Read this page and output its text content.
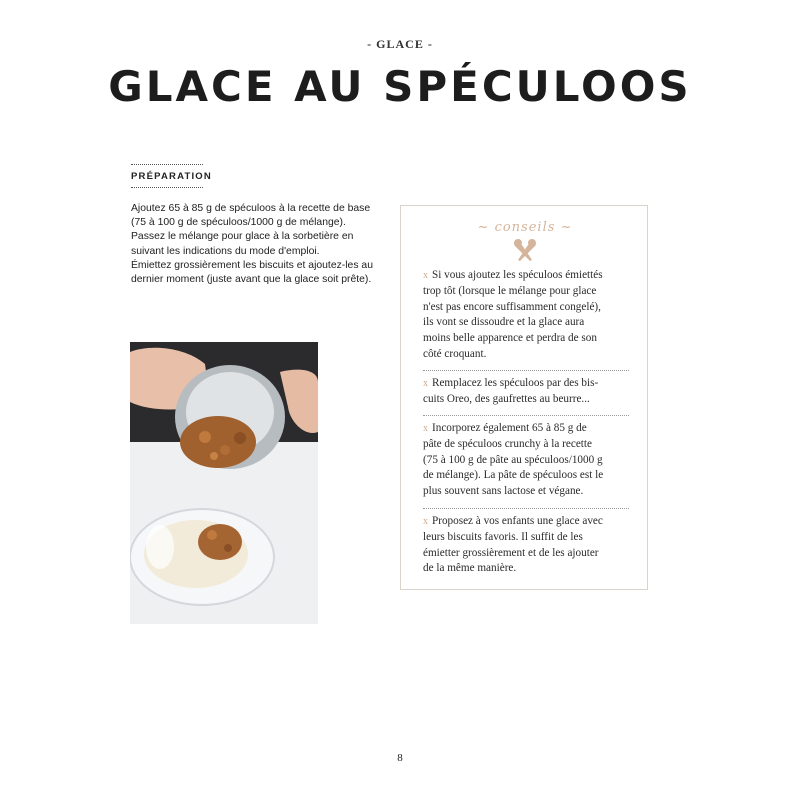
- GLACE -
GLACE AU SPÉCULOOS
PRÉPARATION

Ajoutez 65 à 85 g de spéculoos à la recette de base

(75 à 100 g de spéculoos/1000 g de mélange).

Passez le mélange pour glace à la sorbetière en

suivant les indications du mode d'emploi.

Émiettez grossièrement les biscuits et ajoutez-les au

dernier moment (juste avant que la glace soit prête).

~ conseils ~
x Si vous ajoutez les spéculoos émiettés
trop tôt (lorsque le mélange pour glace
n'est pas encore suffisamment congelé),
ils vont se dissoudre et la glace aura
moins belle apparence et perdra de son
côté croquant.
x Remplacez les spéculoos par des bis-
cuits Oreo, des gaufrettes au beurre...
x Incorporez également 65 à 85 g de
pâte de spéculoos crunchy à la recette
(75 à 100 g de pâte au spéculoos/1000 g
de mélange). La pâte de spéculoos est le
plus souvent sans lactose et végane.
x Proposez à vos enfants une glace avec
leurs biscuits favoris. Il suffit de les
émietter grossièrement et de les ajouter
de la même manière.
8
